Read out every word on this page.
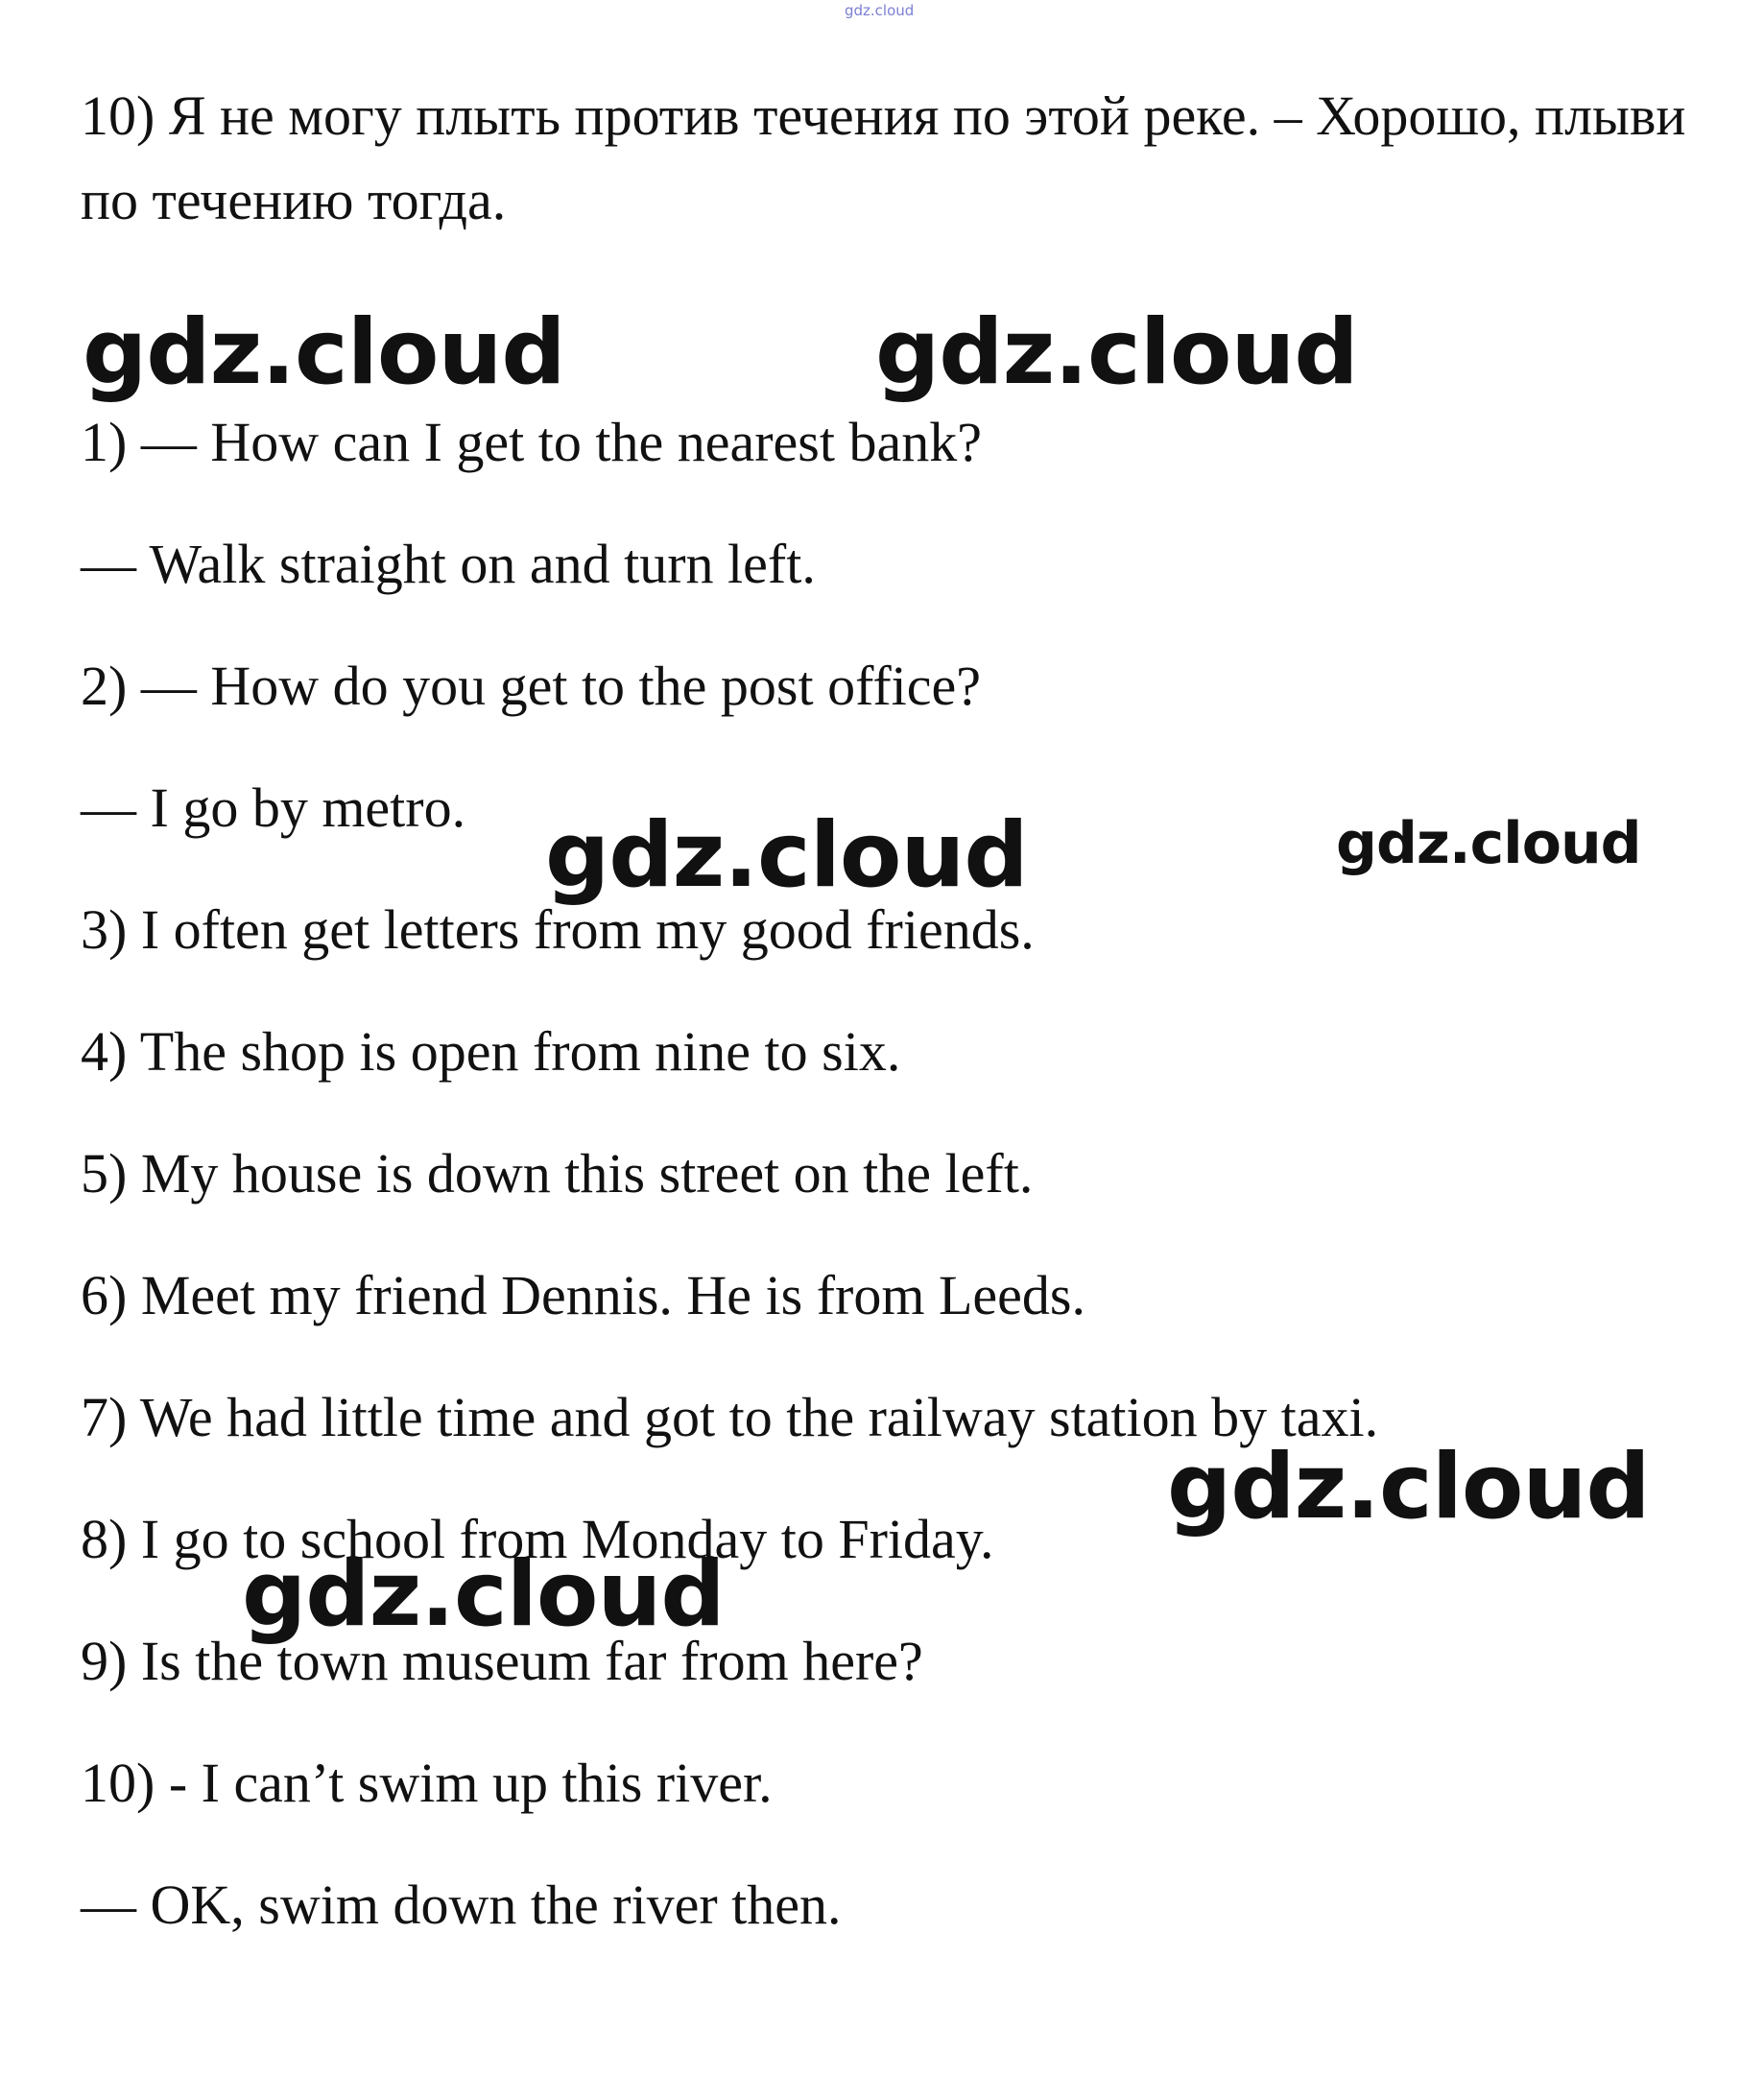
gdz.cloud
10) Я не могу плыть против течения по этой реке. – Хорошо, плыви
по течению тогда.
gdz.cloud	gdz.cloud
1) — How can I get to the nearest bank?
— Walk straight on and turn left.
2) — How do you get to the post office?
— I go by metro. gdz.cloud	gdz.cloud
3) I often get letters from my good friends.
4) The shop is open from nine to six.
5) My house is down this street on the left.
6) Meet my friend Dennis. He is from Leeds.
7) We had little time and got to the railway station by taxi.
gdz.cloud
8) I go to school from Monday to Friday.
gdz.cloud
9) Is the town museum far from here?
10) - I can’t swim up this river.
— OK, swim down the river then.
